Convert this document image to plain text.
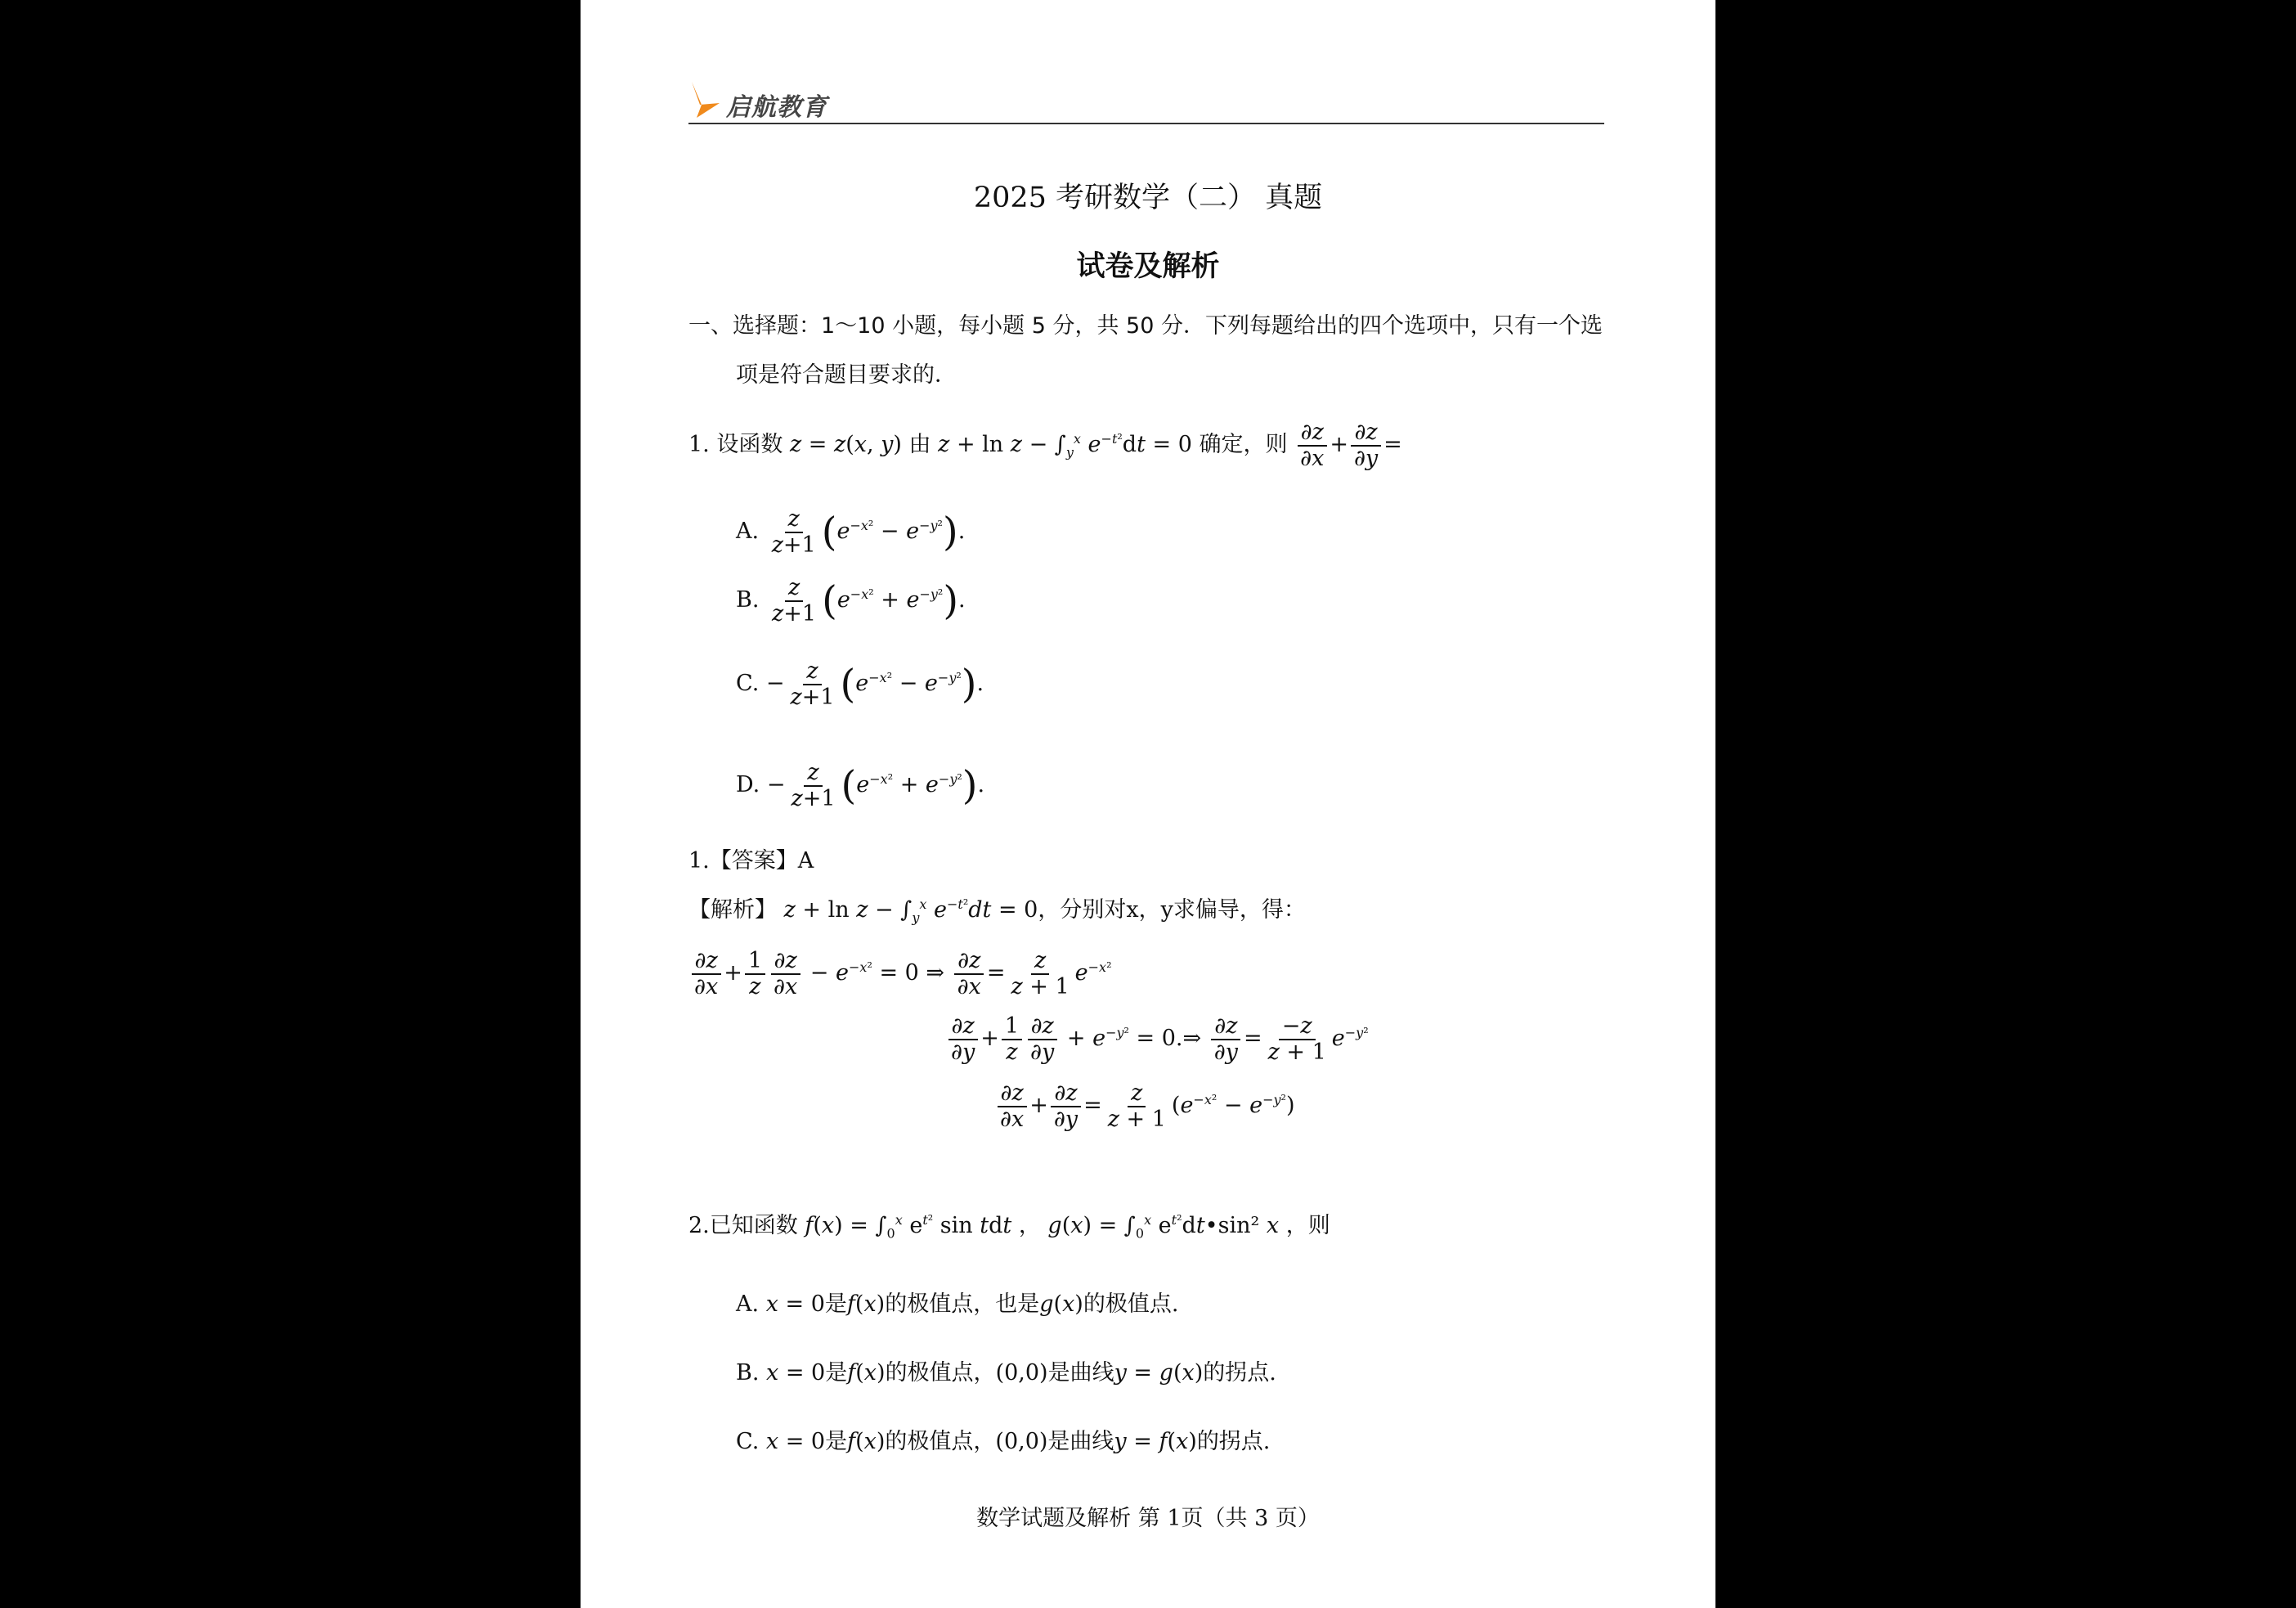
启航教育
2025 考研数学（二） 真题
试卷及解析
一、选择题：1～10 小题，每小题 5 分，共 50 分．下列每题给出的四个选项中，只有一个选
项是符合题目要求的．
1. 设函数 z = z(x, y) 由 $z + \ln z - \int_y^x$ $e^{-t^2}dt = 0$ 确定，则 $\frac{\partial z}{\partial x} + \frac{\partial z}{\partial y}$ =
A. $\frac{z}{z+1} (e^{-x^2} - e^{-y^2})$.
B. $\frac{z}{z+1} (e^{-x^2} + e^{-y^2})$.
C. − $\frac{z}{z+1} (e^{-x^2} - e^{-y^2})$.
D. − $\frac{z}{z+1} (e^{-x^2} + e^{-y^2})$.
1.【答案】A
【解析】 $z + \ln z - \int_y^x$ $e^{-t^2}dt = 0$，分别对x，y求偏导，得：
$\frac{\partial z}{\partial x} + \frac{1}{z} \frac{\partial z}{\partial x} - e^{-x^2} = 0$ ⇒ $\frac{\partial z}{\partial x} = \frac{z}{z + 1} e^{-x^2}$
$\frac{\partial z}{\partial y} + \frac{1}{z} \frac{\partial z}{\partial y} + e^{-y^2}$ = 0.⇒ $\frac{\partial z}{\partial y} = \frac{-z}{z + 1} e^{-y^2}$
$\frac{\partial z}{\partial x} + \frac{\partial z}{\partial y} = \frac{z}{z + 1} (e^{-x^2} - e^{-y^2})$
2.已知函数 $f(x) = \int_0^x$ $e^{t^2}$ sin tdt ， $g(x) = \int_0^x$ $e^{t^2}dt•\sin^2$ x ，则
A. x = 0是f(x)的极值点，也是g(x)的极值点.
B. x = 0是f(x)的极值点，(0,0)是曲线y = g(x)的拐点.
C. x = 0是f(x)的极值点，(0,0)是曲线y = f(x)的拐点.
数学试题及解析 第 1页（共 3 页）
